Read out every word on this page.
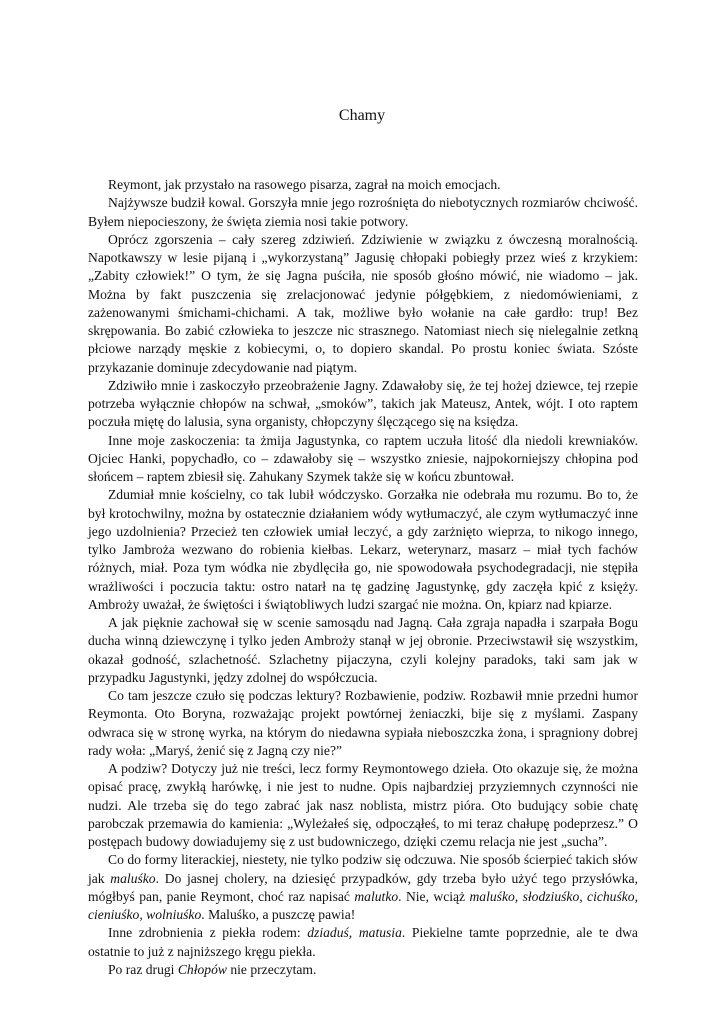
Chamy

Reymont, jak przystało na rasowego pisarza, zagrał na moich emocjach.

Najżywsze budził kowal. Gorszyła mnie jego rozrośnięta do niebotycznych rozmiarów chciwość. Byłem niepocieszony, że święta ziemia nosi takie potwory.

Oprócz zgorszenia – cały szereg zdziwień. Zdziwienie w związku z ówczesną moralnością. Napotkawszy w lesie pijaną i „wykorzystaną” Jagusię chłopaki pobiegły przez wieś z krzykiem: „Zabity człowiek!” O tym, że się Jagna puściła, nie sposób głośno mówić, nie wiadomo – jak. Można by fakt puszczenia się zrelacjonować jedynie półgębkiem, z niedomówieniami, z zażenowanymi śmichami-chichami. A tak, możliwe było wołanie na całe gardło: trup! Bez skrępowania. Bo zabić człowieka to jeszcze nic strasznego. Natomiast niech się nielegalnie zetkną płciowe narządy męskie z kobiecymi, o, to dopiero skandal. Po prostu koniec świata. Szóste przykazanie dominuje zdecydowanie nad piątym.

Zdziwiło mnie i zaskoczyło przeobrażenie Jagny. Zdawałoby się, że tej hożej dziewce, tej rzepie potrzeba wyłącznie chłopów na schwał, „smoków”, takich jak Mateusz, Antek, wójt. I oto raptem poczuła miętę do lalusia, syna organisty, chłopczyny ślęczącego się na księdza.

Inne moje zaskoczenia: ta żmija Jagustynka, co raptem uczuła litość dla niedoli krewniaków. Ojciec Hanki, popychadło, co – zdawałoby się – wszystko zniesie, najpokorniejszy chłopina pod słońcem – raptem zbiesił się. Zahukany Szymek także się w końcu zbuntował.

Zdumiał mnie kościelny, co tak lubił wódczysko. Gorzałka nie odebrała mu rozumu. Bo to, że był krotochwilny, można by ostatecznie działaniem wódy wytłumaczyć, ale czym wytłumaczyć inne jego uzdolnienia? Przecież ten człowiek umiał leczyć, a gdy zarżnięto wieprza, to nikogo innego, tylko Jambroża wezwano do robienia kiełbas. Lekarz, weterynarz, masarz – miał tych fachów różnych, miał. Poza tym wódka nie zbydlęciła go, nie spowodowała psychodegradacji, nie stępiła wrażliwości i poczucia taktu: ostro natarł na tę gadzinę Jagustynkę, gdy zaczęła kpić z księży. Ambroży uważał, że świętości i świątobliwych ludzi szargać nie można. On, kpiarz nad kpiarze.

A jak pięknie zachował się w scenie samosądu nad Jagną. Cała zgraja napadła i szarpała Bogu ducha winną dziewczynę i tylko jeden Ambroży stanął w jej obronie. Przeciwstawił się wszystkim, okazał godność, szlachetność. Szlachetny pijaczyna, czyli kolejny paradoks, taki sam jak w przypadku Jagustynki, jędzy zdolnej do współczucia.

Co tam jeszcze czuło się podczas lektury? Rozbawienie, podziw. Rozbawił mnie przedni humor Reymonta. Oto Boryna, rozważając projekt powtórnej żeniaczki, bije się z myślami. Zaspany odwraca się w stronę wyrka, na którym do niedawna sypiała nieboszczka żona, i spragniony dobrej rady woła: „Maryś, żenić się z Jagną czy nie?”

A podziw? Dotyczy już nie treści, lecz formy Reymontowego dzieła. Oto okazuje się, że można opisać pracę, zwykłą harówkę, i nie jest to nudne. Opis najbardziej przyziemnych czynności nie nudzi. Ale trzeba się do tego zabrać jak nasz noblista, mistrz pióra. Oto budujący sobie chatę parobczak przemawia do kamienia: „Wyleżałeś się, odpocząłeś, to mi teraz chałupę podeprzesz.” O postępach budowy dowiadujemy się z ust budowniczego, dzięki czemu relacja nie jest „sucha”.

Co do formy literackiej, niestety, nie tylko podziw się odczuwa. Nie sposób ścierpieć takich słów jak maluśko. Do jasnej cholery, na dziesięć przypadków, gdy trzeba było użyć tego przysłówka, mógłbyś pan, panie Reymont, choć raz napisać malutko. Nie, wciąż maluśko, słodziuśko, cichuśko, cieniuśko, wolniuśko. Maluśko, a puszczę pawia!

Inne zdrobnienia z piekła rodem: dziaduś, matusia. Piekielne tamte poprzednie, ale te dwa ostatnie to już z najniższego kręgu piekła.

Po raz drugi Chłopów nie przeczytam.
